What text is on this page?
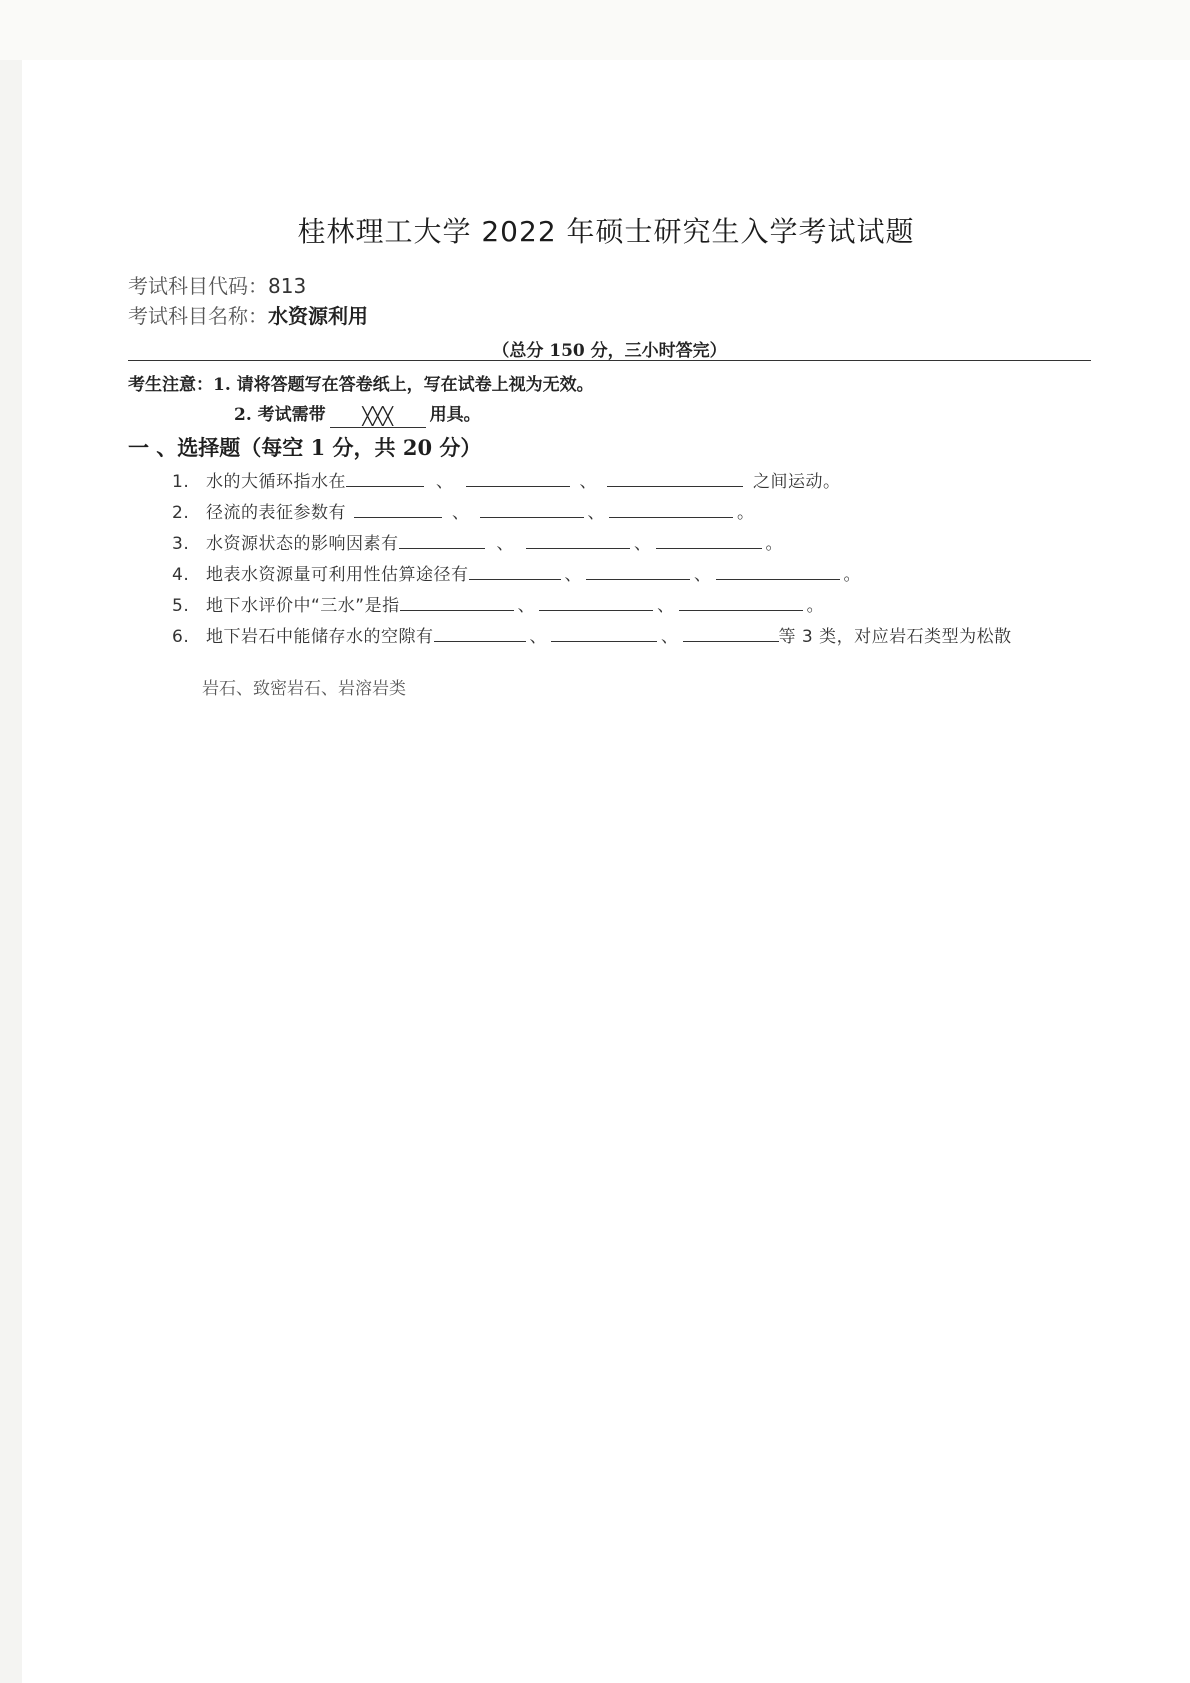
桂林理工大学 2022 年硕士研究生入学考试试题
考试科目代码：813
考试科目名称：水资源利用
（总分 150 分，三小时答完）
考生注意：1. 请将答题写在答卷纸上，写在试卷上视为无效。
2. 考试需带 ╳╳╳ 用具。
一 、选择题（每空 1 分，共 20 分）
1. 水的大循环指水在	、	、	之间运动。
2. 径流的表征参数有	、	、	。
3. 水资源状态的影响因素有	、	、	。
4. 地表水资源量可利用性估算途径有	、	、	。
5. 地下水评价中“三水”是指	、	、	。
6. 地下岩石中能储存水的空隙有	、	、	等 3 类，对应岩石类型为松散
岩石、致密岩石、岩溶岩类
